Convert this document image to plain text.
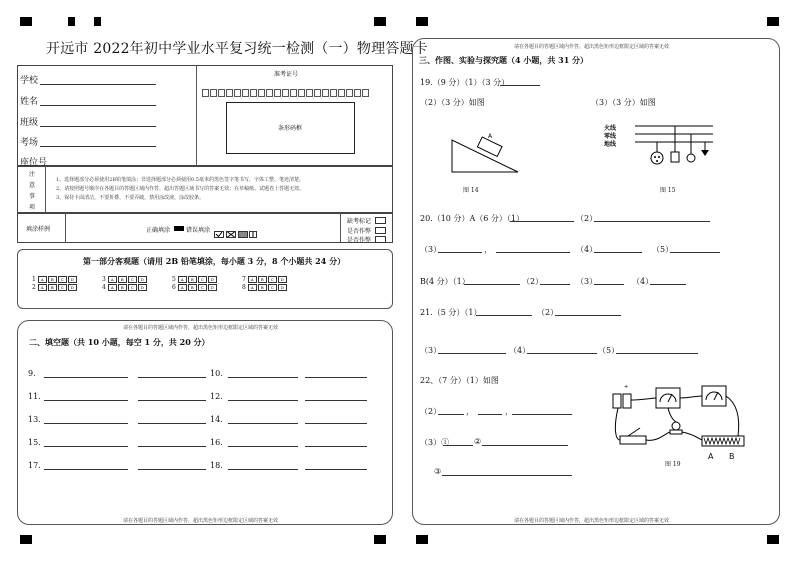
开远市 2022年初中学业水平复习统一检测（一）物理答题卡
学校
姓名
班级
考场
座位号
准考证号
条形码框
注
意
事
项
1、选择题部分必须使用2B铅笔填涂；非选择题部分必须使用0.5毫米的黑色签字笔书写，字体工整、笔迹清楚。
2、请按照题号顺序在各题目的答题区域内作答，超出答题区域书写的答案无效；在草稿纸、试题卷上答题无效。
3、保持卡面清洁，不要折叠、不要弄破，禁用涂改液，涂改胶条。
填涂样例	正确填涂	错误填涂
缺考标记
是否作弊
是否作弊
第一部分客观题（请用 2B 铅笔填涂，每小题 3 分，8 个小题共 24 分）
1 A B C D
2 A B C D
3 A B C D
4 A B C D
5 A B C D
6 A B C D
7 A B C D
8 A B C D
请在各题目的答题区域内作答，超出黑色矩形边框限定区域的答案无效
二、填空题（共 10 小题，每空 1 分，共 20 分）
9.	10.
11.	12.
13.	14.
15.	16.
17.	18.
请在各题目的答题区域内作答，超出黑色矩形边框限定区域的答案无效
请在各题目的答题区域内作答，超出黑色矩形边框限定区域的答案无效
三、作图、实验与探究题（4 小题，共 31 分）
19.（9 分）（1）（3 分）
（2）（3 分）如图	（3）（3 分）如图
A
图 14
火线
零线
地线
图 15
20.（10 分）A（6 分）（1）	（2）
（3）	，	（4）	（5）
B(4 分）（1）	（2）	（3）	（4）
21.（5 分）（1）	（2）
（3）	（4）	（5）
22、（7 分）（1）如图
（2）	，	，
（3）①	②
③
+
图 19
A B
请在各题目的答题区域内作答，超出黑色矩形边框限定区域的答案无效
